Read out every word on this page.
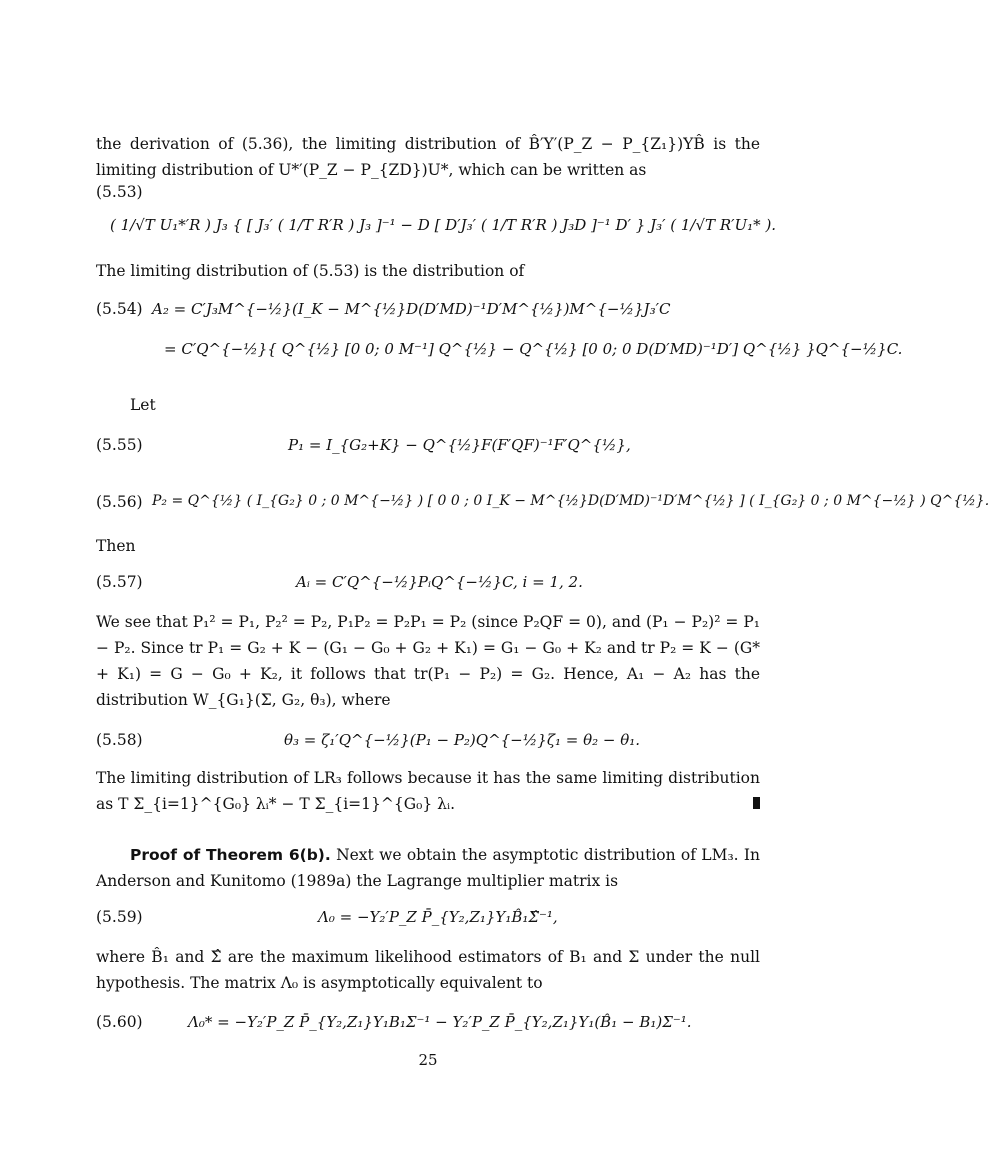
the derivation of (5.36), the limiting distribution of B̂′Y′(P_Z − P_{Z₁})YB̂ is the limiting distribution of U*′(P_Z − P_{ZD})U*, which can be written as
(5.53)
( 1/√T U₁*′R ) J₃ { [ J₃′ ( 1/T R′R ) J₃ ]⁻¹ − D [ D′J₃′ ( 1/T R′R ) J₃D ]⁻¹ D′ } J₃′ ( 1/√T R′U₁* ).
The limiting distribution of (5.53) is the distribution of
(5.54) A₂ = C′J₃M^{−½}(I_K − M^{½}D(D′MD)⁻¹D′M^{½})M^{−½}J₃′C
= C′Q^{−½}{ Q^{½} [0 0; 0 M⁻¹] Q^{½} − Q^{½} [0 0; 0 D(D′MD)⁻¹D′] Q^{½} }Q^{−½}C.
Let
(5.55)	P₁ = I_{G₂+K} − Q^{½}F(F′QF)⁻¹F′Q^{½},
(5.56) P₂ = Q^{½} ( I_{G₂} 0 ; 0 M^{−½} ) [ 0 0 ; 0 I_K − M^{½}D(D′MD)⁻¹D′M^{½} ] ( I_{G₂} 0 ; 0 M^{−½} ) Q^{½}.
Then
(5.57)	Aᵢ = C′Q^{−½}PᵢQ^{−½}C, i = 1, 2.
We see that P₁² = P₁, P₂² = P₂, P₁P₂ = P₂P₁ = P₂ (since P₂QF = 0), and (P₁ − P₂)² = P₁ − P₂. Since tr P₁ = G₂ + K − (G₁ − G₀ + G₂ + K₁) = G₁ − G₀ + K₂ and tr P₂ = K − (G* + K₁) = G − G₀ + K₂, it follows that tr(P₁ − P₂) = G₂. Hence, A₁ − A₂ has the distribution W_{G₁}(Σ, G₂, θ₃), where
(5.58)	θ₃ = ζ₁′Q^{−½}(P₁ − P₂)Q^{−½}ζ₁ = θ₂ − θ₁.
The limiting distribution of LR₃ follows because it has the same limiting distribution as T Σ_{i=1}^{G₀} λᵢ* − T Σ_{i=1}^{G₀} λᵢ.
Proof of Theorem 6(b). Next we obtain the asymptotic distribution of LM₃. In Anderson and Kunitomo (1989a) the Lagrange multiplier matrix is
(5.59)	Λ₀ = −Y₂′P_Z P̄_{Y₂,Z₁}Y₁B̂₁Σ̂⁻¹,
where B̂₁ and Σ̂ are the maximum likelihood estimators of B₁ and Σ under the null hypothesis. The matrix Λ₀ is asymptotically equivalent to
(5.60)	Λ₀* = −Y₂′P_Z P̄_{Y₂,Z₁}Y₁B₁Σ⁻¹ − Y₂′P_Z P̄_{Y₂,Z₁}Y₁(B̂₁ − B₁)Σ⁻¹.
25
